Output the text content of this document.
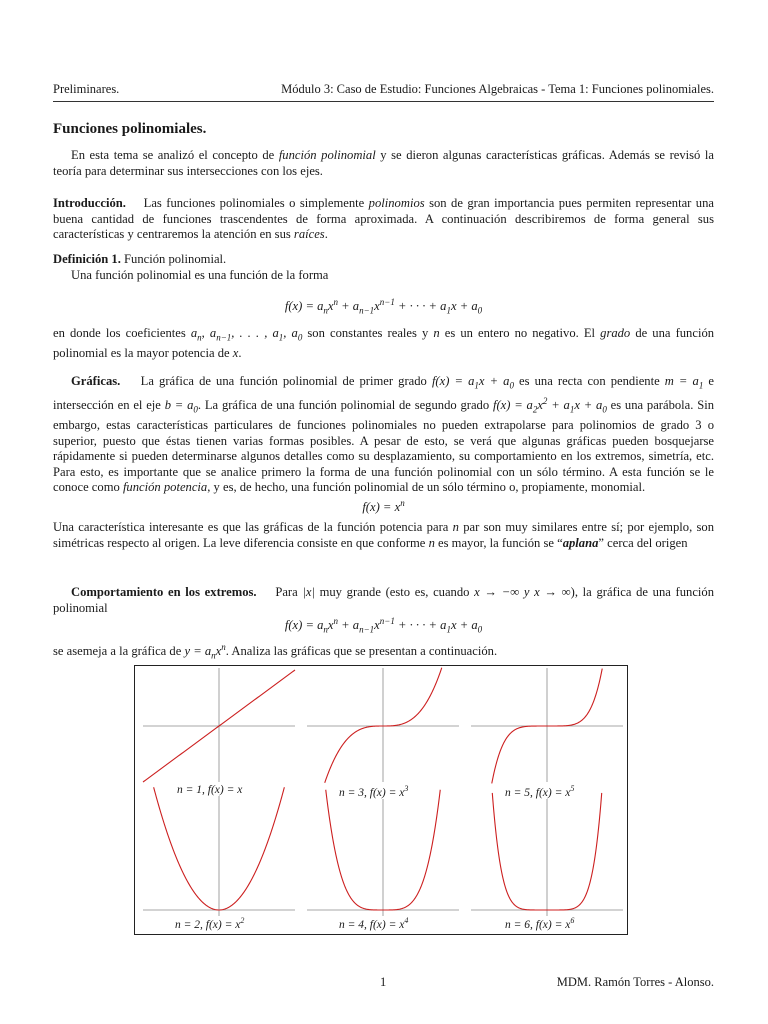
Preliminares.	Módulo 3: Caso de Estudio: Funciones Algebraicas - Tema 1: Funciones polinomiales.
Funciones polinomiales.

En esta tema se analizó el concepto de función polinomial y se dieron algunas características gráficas. Además se revisó la teoría para determinar sus intersecciones con los ejes.

Introducción. Las funciones polinomiales o simplemente polinomios son de gran importancia pues permiten representar una buena cantidad de funciones trascendentes de forma aproximada. A continuación describiremos de forma general sus características y centraremos la atención en sus raíces.

Definición 1. Función polinomial.

Una función polinomial es una función de la forma

$f(x) = a_nx^n + a_{n-1}x^{n-1}$ + · · · + $a_1x + a_0$

en donde los coeficientes $a_n$, $a_{n-1}$, . . . , $a_1$, $a_0$ son constantes reales y n es un entero no negativo. El grado de una función polinomial es la mayor potencia de x.

Gráficas. La gráfica de una función polinomial de primer grado $f(x) = a_1x + a_0$ es una recta con pendiente $m = a_1$ e intersección en el eje $b = a_0$. La gráfica de una función polinomial de segundo grado $f(x) = a_2x^2 + a_1x + a_0$ es una parábola. Sin embargo, estas características particulares de funciones polinomiales no pueden extrapolarse para polinomios de grado 3 o superior, puesto que éstas tienen varias formas posibles. A pesar de esto, se verá que algunas gráficas pueden bosquejarse rápidamente si pueden determinarse algunos detalles como su desplazamiento, su comportamiento en los extremos, simetría, etc. Para esto, es importante que se analice primero la forma de una función polinomial con un sólo término. A esta función se le conoce como función potencia, y es, de hecho, una función polinomial de un sólo término o, propiamente, monomial.

$f(x) = x^n$

Una característica interesante es que las gráficas de la función potencia para n par son muy similares entre sí; por ejemplo, son simétricas respecto al origen. La leve diferencia consiste en que conforme n es mayor, la función se “aplana” cerca del origen

Comportamiento en los extremos. Para |x| muy grande (esto es, cuando x → −∞ y x → ∞), la gráfica de una función polinomial

$f(x) = a_nx^n + a_{n-1}x^{n-1}$ + · · · + $a_1x + a_0$

se asemeja a la gráfica de $y = a_nx^n$. Analiza las gráficas que se presentan a continuación.

n = 1, f(x) = x	n = 3, $f(x) = x^3$	n = 5, $f(x) = x^5$
n = 2, $f(x) = x^2$	n = 4, $f(x) = x^4$	n = 6, $f(x) = x^6$
1	MDM. Ramón Torres - Alonso.
